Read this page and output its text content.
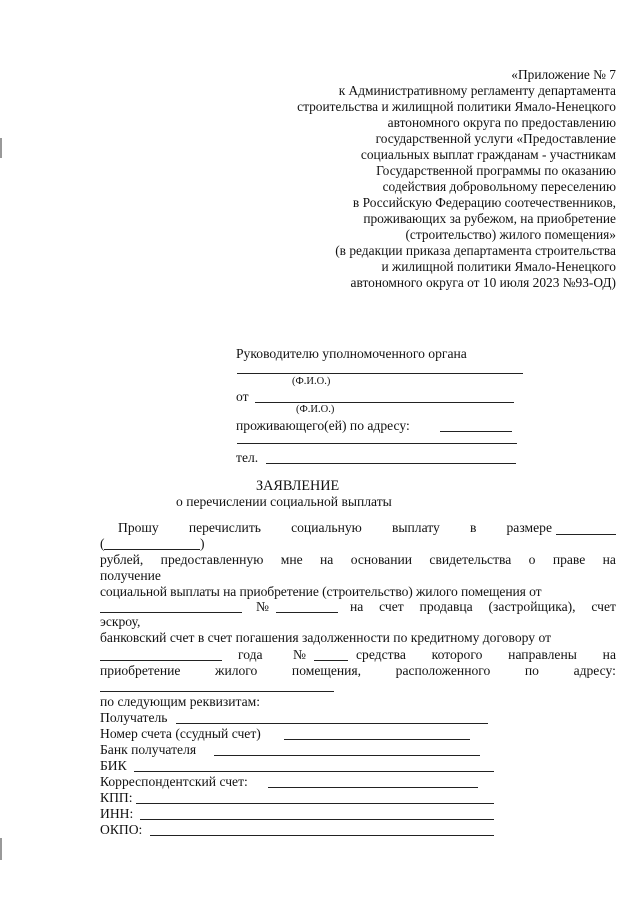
«Приложение № 7
к Административному регламенту департамента
строительства и жилищной политики Ямало-Ненецкого
автономного округа по предоставлению
государственной услуги «Предоставление
социальных выплат гражданам - участникам
Государственной программы по оказанию
содействия добровольному переселению
в Российскую Федерацию соотечественников,
проживающих за рубежом, на приобретение
(строительство) жилого помещения»
(в редакции приказа департамента строительства
и жилищной политики Ямало-Ненецкого
автономного округа от 10 июля 2023 №93-ОД)
Руководителю уполномоченного органа
(Ф.И.О.)
от
(Ф.И.О.)
проживающего(ей) по адресу:
тел.
ЗАЯВЛЕНИЕ
о перечислении социальной выплаты
Прошу перечислить социальную выплату в размере
(	)
рублей, предоставленную мне на основании свидетельства о праве на
получение
социальной выплаты на приобретение (строительство) жилого помещения от
№	на счет продавца (застройщика), счет
эскроу,
банковский счет в счет погашения задолженности по кредитному договору от
года №	средства которого направлены на
приобретение	жилого	помещения,	расположенного	по	адресу:
по следующим реквизитам:
Получатель
Номер счета (ссудный счет)
Банк получателя
БИК
Корреспондентский счет:
КПП:
ИНН:
ОКПО:
